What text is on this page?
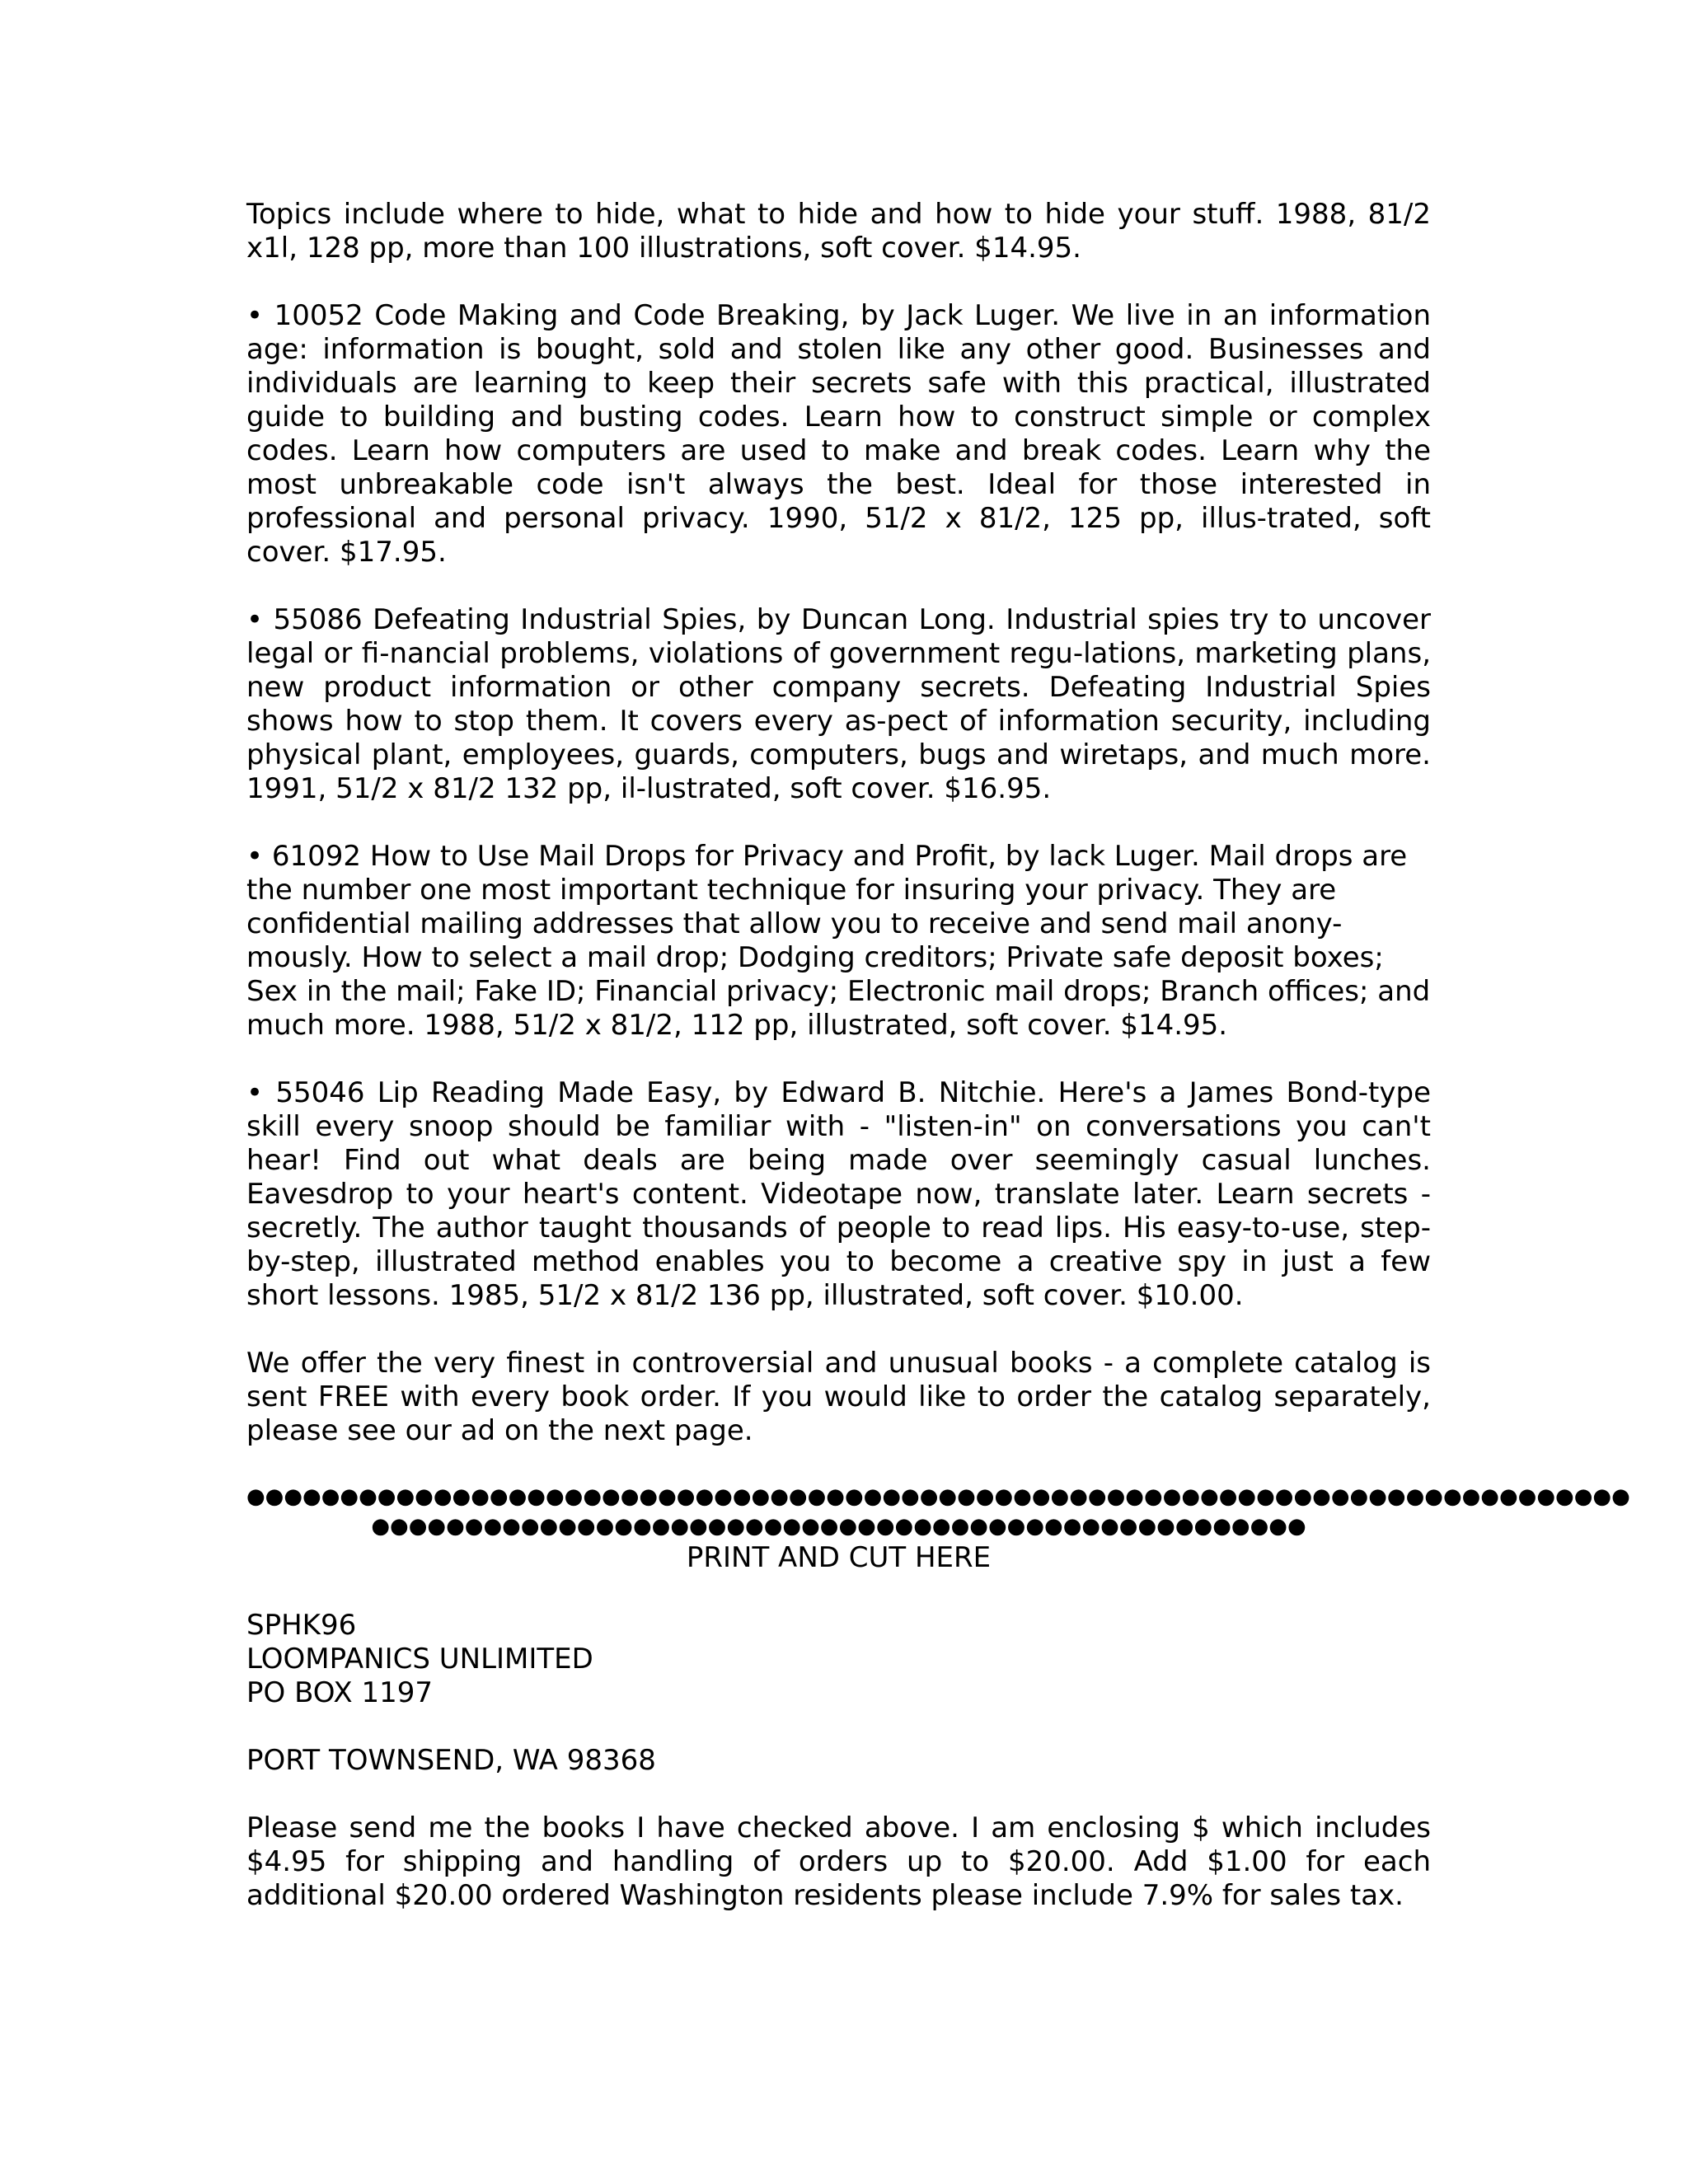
Topics include where to hide, what to hide and how to hide your stuff. 1988, 81/2 x1l, 128 pp, more than 100 illustrations, soft cover. $14.95.

• 10052 Code Making and Code Breaking, by Jack Luger. We live in an information age: information is bought, sold and stolen like any other good. Businesses and individuals are learning to keep their secrets safe with this practical, illustrated guide to building and busting codes. Learn how to construct simple or complex codes. Learn how computers are used to make and break codes. Learn why the most unbreakable code isn't always the best. Ideal for those interested in professional and personal privacy. 1990, 51/2 x 81/2, 125 pp, illus-trated, soft cover. $17.95.

• 55086 Defeating Industrial Spies, by Duncan Long. Industrial spies try to uncover legal or fi-nancial problems, violations of government regu-lations, marketing plans, new product information or other company secrets. Defeating Industrial Spies shows how to stop them. It covers every as-pect of information security, including physical plant, employees, guards, computers, bugs and wiretaps, and much more. 1991, 51/2 x 81/2 132 pp, il-lustrated, soft cover. $16.95.

• 61092 How to Use Mail Drops for Privacy and Profit, by lack Luger. Mail drops are the number one most important technique for insuring your privacy. They are confidential mailing addresses that allow you to receive and send mail anony-mously. How to select a mail drop; Dodging creditors; Private safe deposit boxes; Sex in the mail; Fake ID; Financial privacy; Electronic mail drops; Branch offices; and much more. 1988, 51/2 x 81/2, 112 pp, illustrated, soft cover. $14.95.

• 55046 Lip Reading Made Easy, by Edward B. Nitchie. Here's a James Bond-type skill every snoop should be familiar with - "listen-in" on conversations you can't hear! Find out what deals are being made over seemingly casual lunches. Eavesdrop to your heart's content. Videotape now, translate later. Learn secrets - secretly. The author taught thousands of people to read lips. His easy-to-use, step-by-step, illustrated method enables you to become a creative spy in just a few short lessons. 1985, 51/2 x 81/2 136 pp, illustrated, soft cover. $10.00.

We offer the very finest in controversial and unusual books - a complete catalog is sent FREE with every book order. If you would like to order the catalog separately, please see our ad on the next page.

●●●●●●●●●●●●●●●●●●●●●●●●●●●●●●●●●●●●●●●●●●●●●●●●●●●●●●●●●●●●●●●●●●●●●●●●●●
●●●●●●●●●●●●●●●●●●●●●●●●●●●●●●●●●●●●●●●●●●●●●●●●●●

PRINT AND CUT HERE

SPHK96

LOOMPANICS UNLIMITED

PO BOX 1197

PORT TOWNSEND, WA 98368

Please send me the books I have checked above. I am enclosing $ which includes $4.95 for shipping and handling of orders up to $20.00. Add $1.00 for each additional $20.00 ordered Washington residents please include 7.9% for sales tax.
